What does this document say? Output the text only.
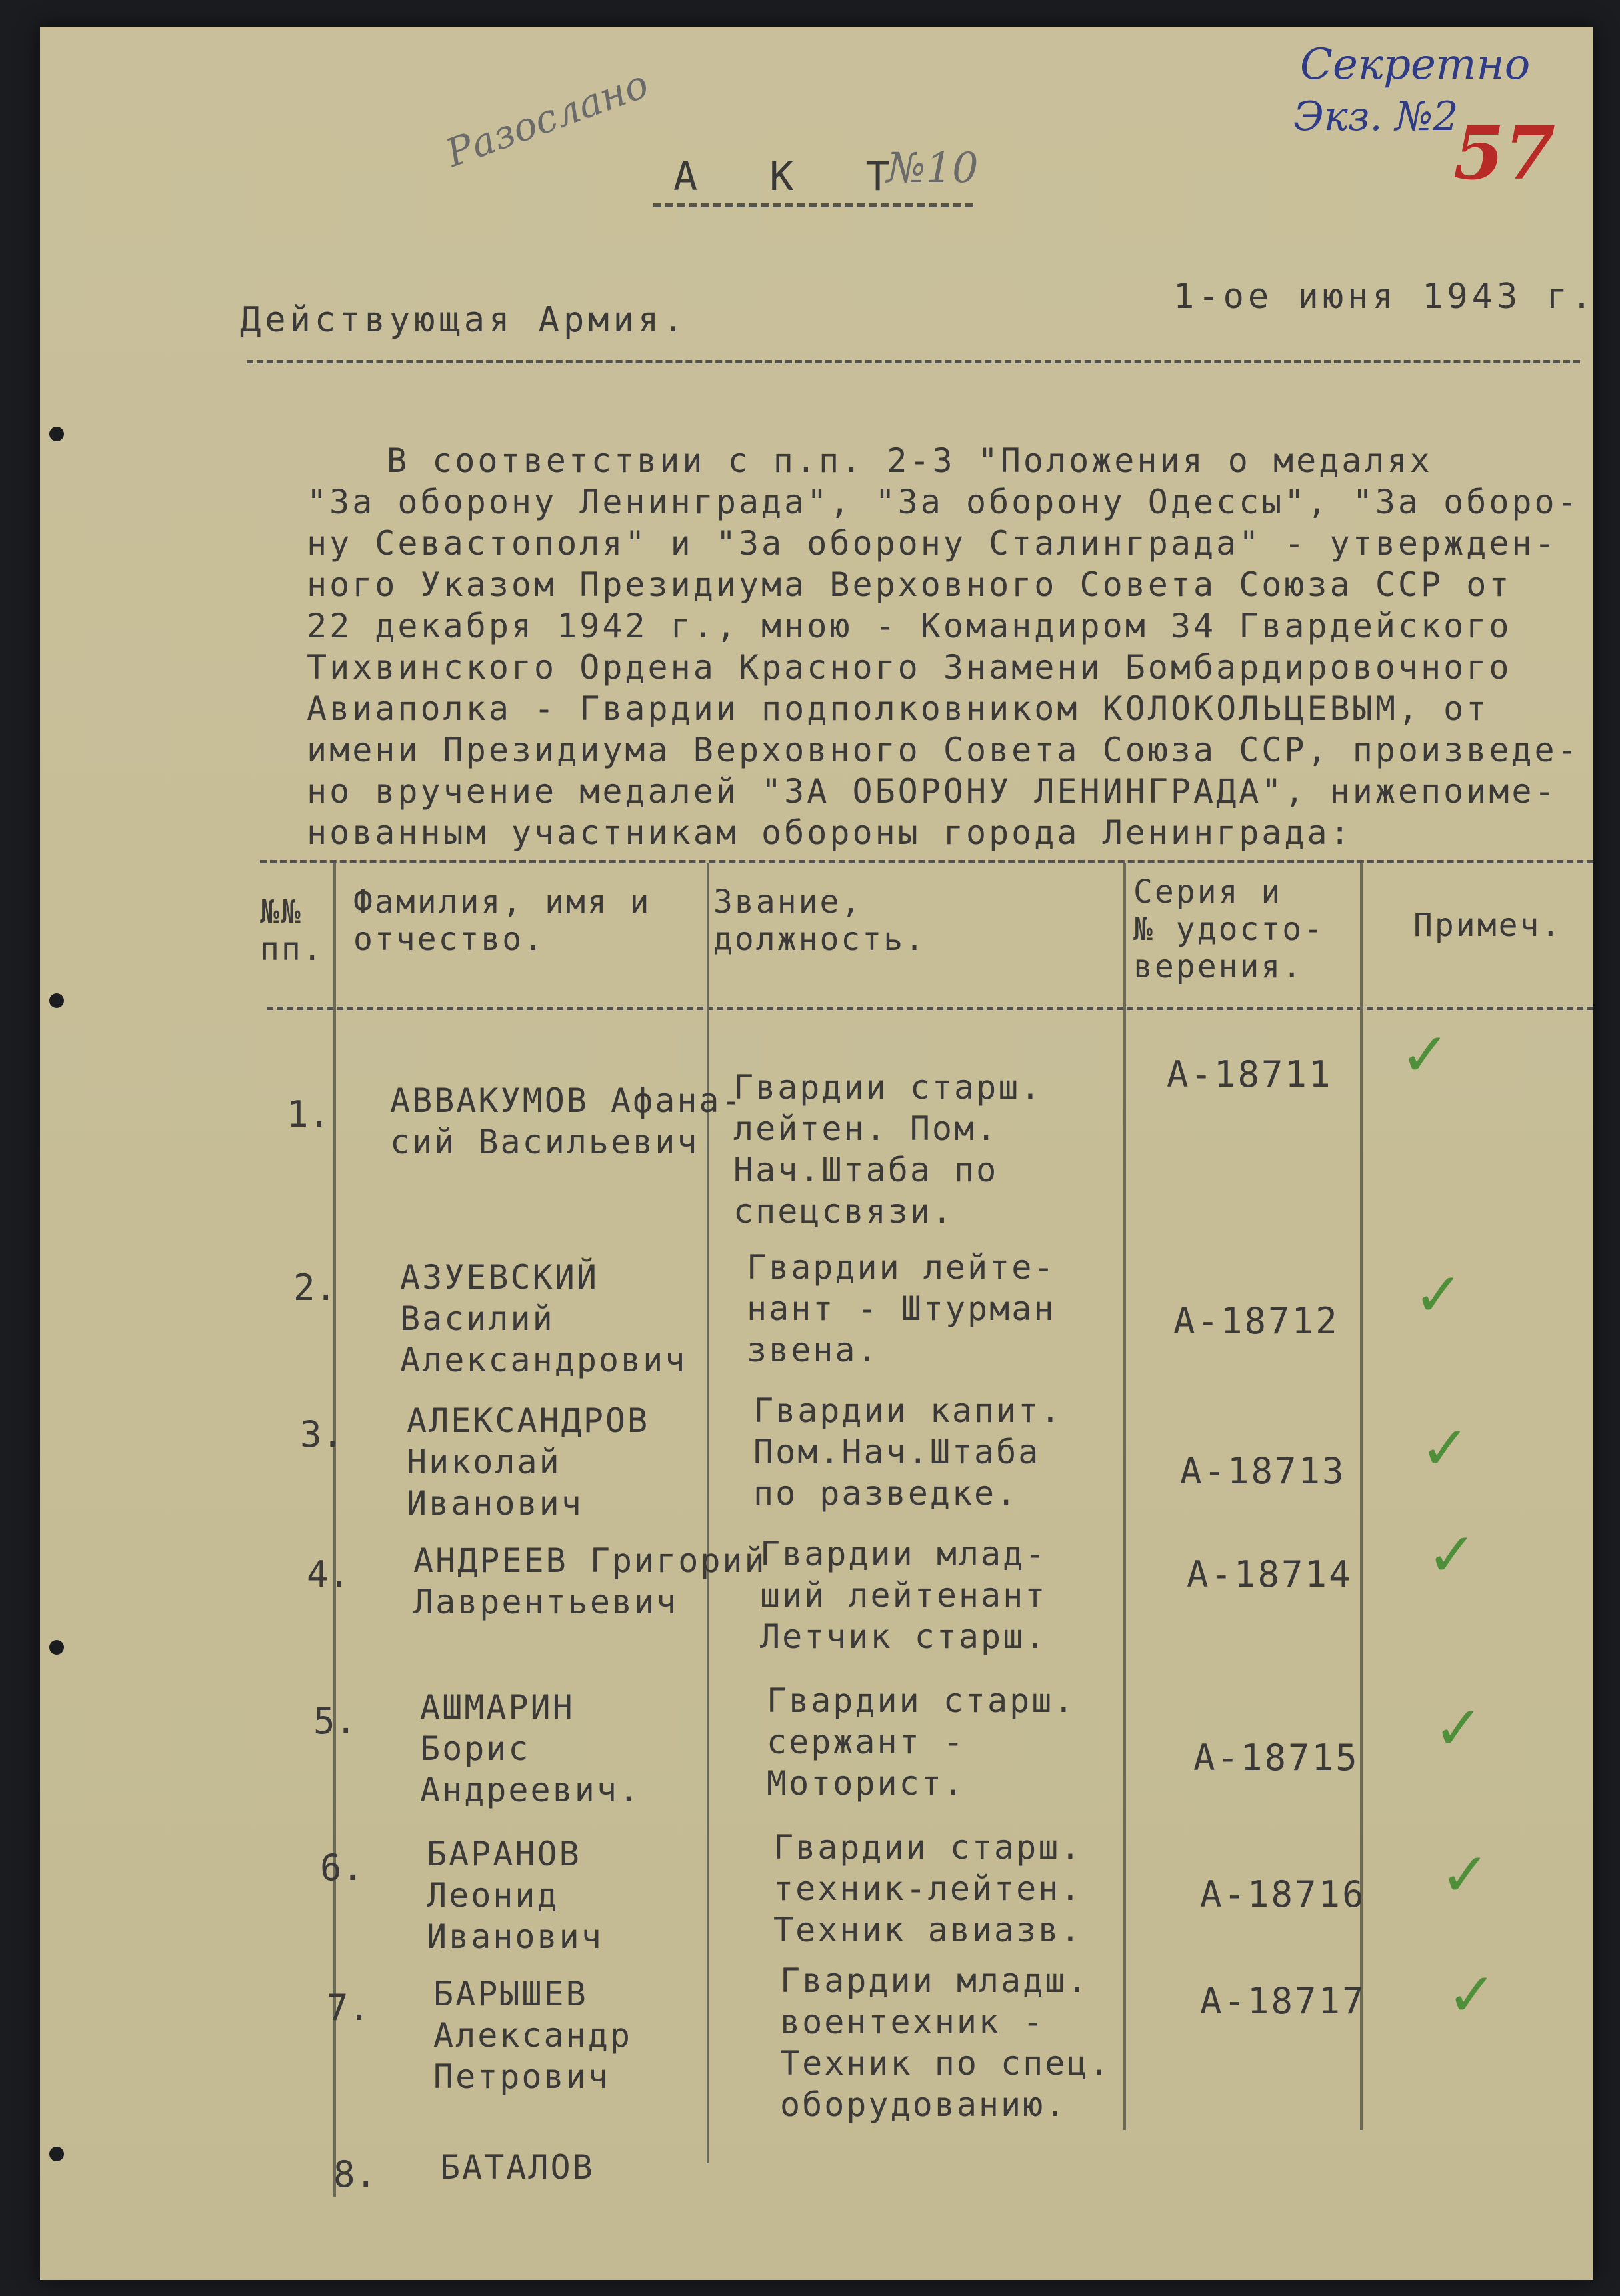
Секретно
Экз. №2
57
Разослано
А К Т
№10
Действующая Армия.
1-ое июня 1943 г.
В соответствии с п.п. 2-3 "Положения о медалях
"За оборону Ленинграда", "За оборону Одессы", "За оборо-
ну Севастополя" и "За оборону Сталинграда" - утвержден-
ного Указом Президиума Верховного Совета Союза ССР от
22 декабря 1942 г., мною - Командиром 34 Гвардейского
Тихвинского Ордена Красного Знамени Бомбардировочного
Авиаполка - Гвардии подполковником КОЛОКОЛЬЦЕВЫМ, от
имени Президиума Верховного Совета Союза ССР, произведе-
но вручение медалей "ЗА ОБОРОНУ ЛЕНИНГРАДА", нижепоиме-
нованным участникам обороны города Ленинграда:
№№
пп.
Фамилия, имя и
отчество.
Звание,
должность.
Серия и
№ удосто-
верения.
Примеч.
1. АВВАКУМОВ Афана-
сий Васильевич
Гвардии старш.
лейтен. Пом.
Нач.Штаба по
спецсвязи.
А-18711 ✓
2. АЗУЕВСКИЙ
Василий
Александрович
Гвардии лейте-
нант - Штурман
звена.
А-18712 ✓
3. АЛЕКСАНДРОВ
Николай
Иванович
Гвардии капит.
Пом.Нач.Штаба
по разведке.
А-18713 ✓
4. АНДРЕЕВ Григорий
Лаврентьевич
Гвардии млад-
ший лейтенант
Летчик старш.
А-18714 ✓
5. АШМАРИН
Борис
Андреевич.
Гвардии старш.
сержант -
Моторист.
А-18715 ✓
6. БАРАНОВ
Леонид
Иванович
Гвардии старш.
техник-лейтен.
Техник авиазв.
А-18716 ✓
7. БАРЫШЕВ
Александр
Петрович
Гвардии младш.
воентехник -
Техник по спец.
оборудованию.
А-18717 ✓
8. БАТАЛОВ
